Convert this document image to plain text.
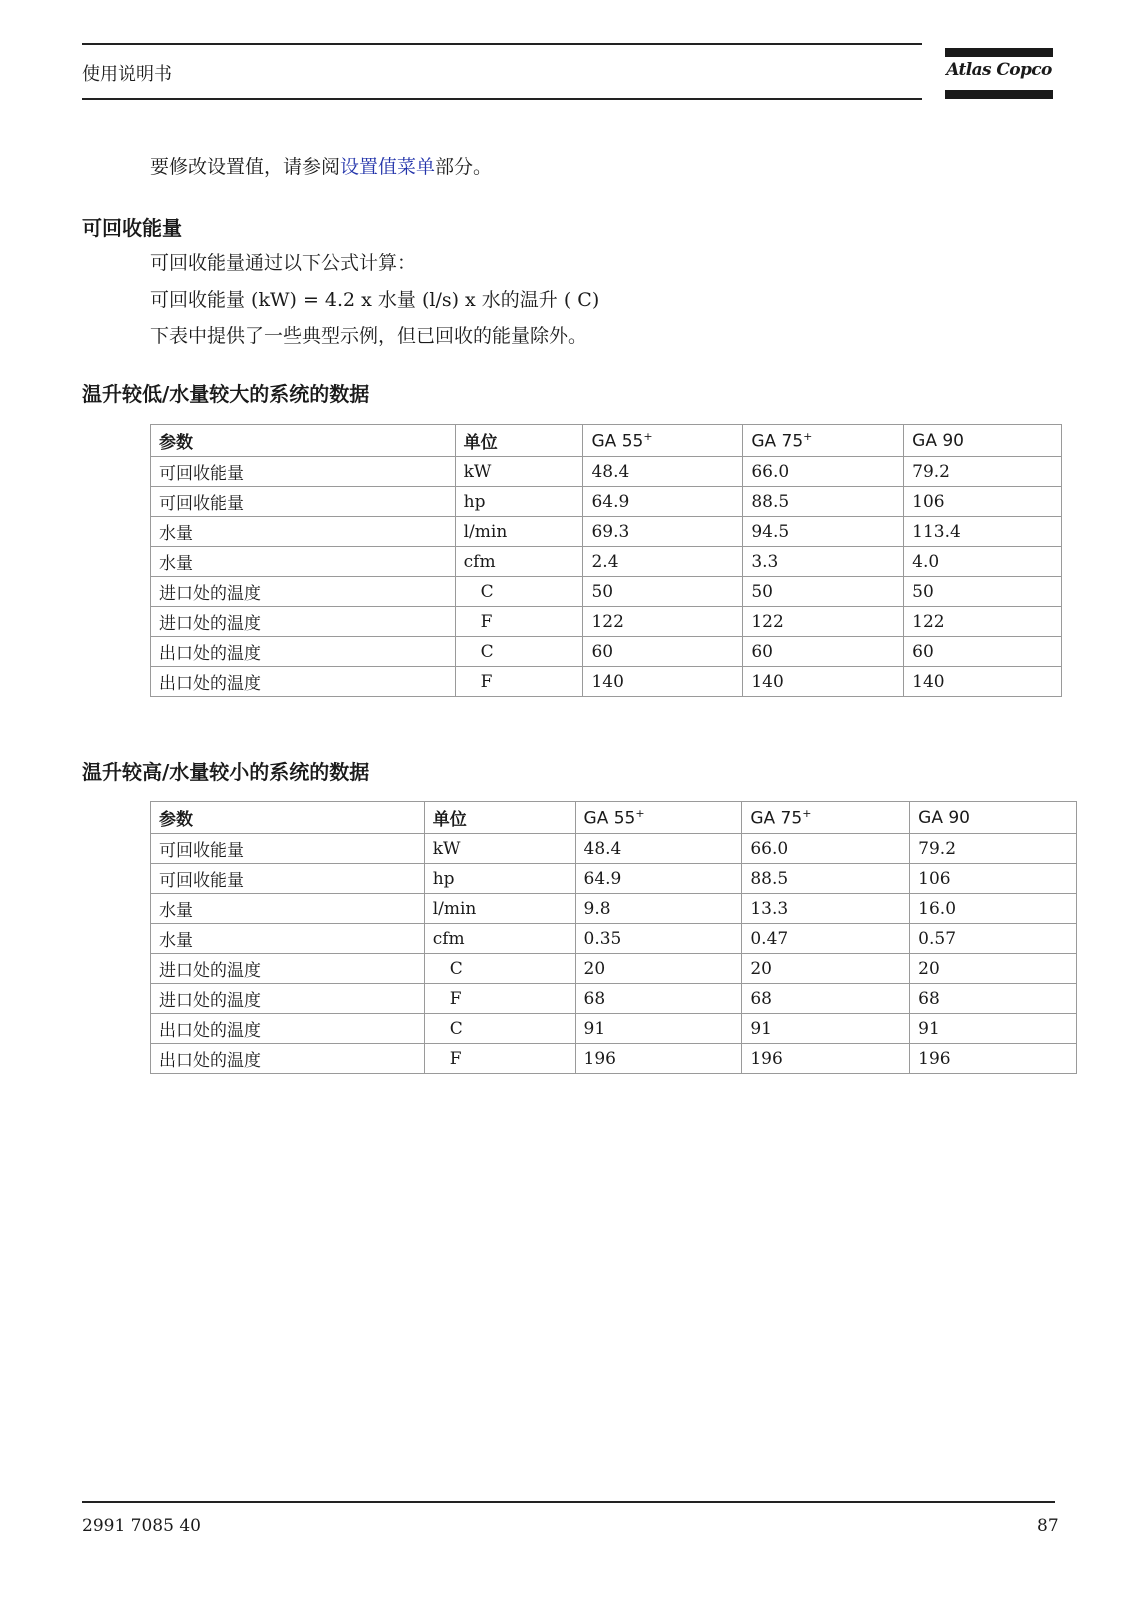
使用说明书	Atlas Copco
要修改设置值，请参阅设置值菜单部分。
可回收能量
可回收能量通过以下公式计算：
可回收能量 (kW) = 4.2 x 水量 (l/s) x 水的温升 ( C)
下表中提供了一些典型示例，但已回收的能量除外。
温升较低/水量较大的系统的数据
参数	单位	GA 55+	GA 75+	GA 90
可回收能量	kW	48.4	66.0	79.2
可回收能量	hp	64.9	88.5	106
水量	l/min	69.3	94.5	113.4
水量	cfm	2.4	3.3	4.0
进口处的温度	C	50	50	50
进口处的温度	F	122	122	122
出口处的温度	C	60	60	60
出口处的温度	F	140	140	140
温升较高/水量较小的系统的数据
参数	单位	GA 55+	GA 75+	GA 90
可回收能量	kW	48.4	66.0	79.2
可回收能量	hp	64.9	88.5	106
水量	l/min	9.8	13.3	16.0
水量	cfm	0.35	0.47	0.57
进口处的温度	C	20	20	20
进口处的温度	F	68	68	68
出口处的温度	C	91	91	91
出口处的温度	F	196	196	196
2991 7085 40	87
